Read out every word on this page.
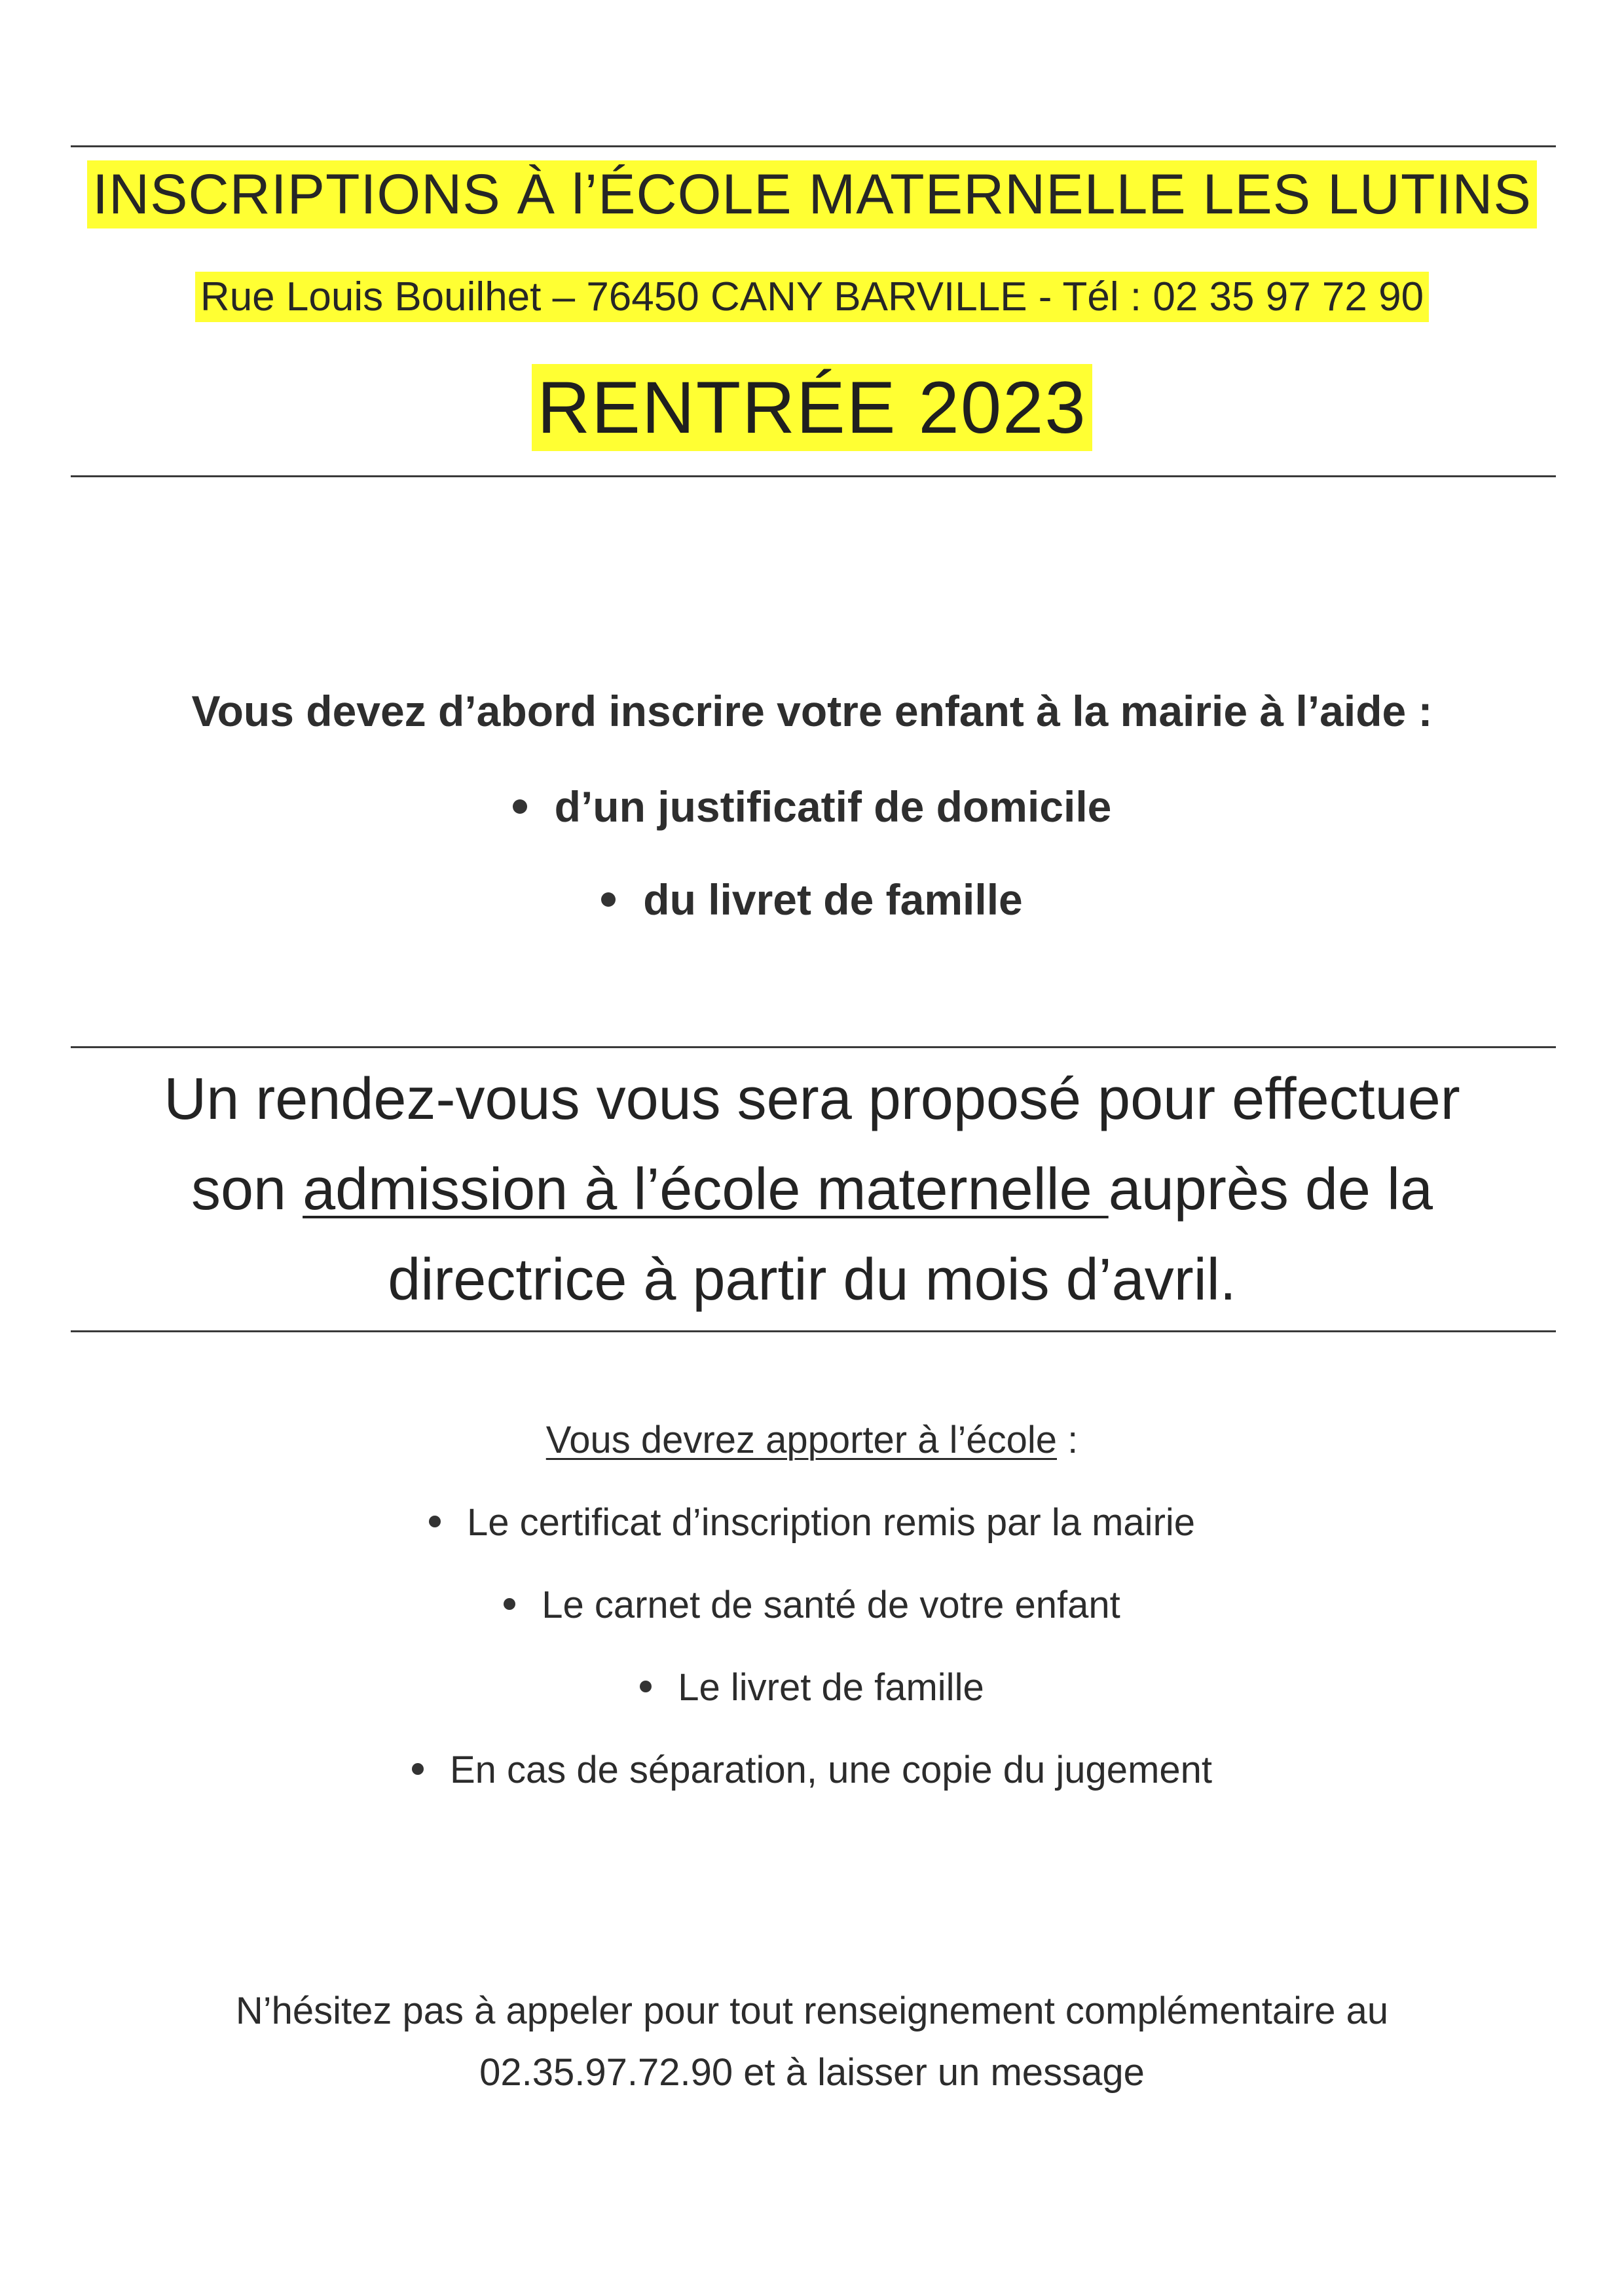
INSCRIPTIONS À l’ÉCOLE MATERNELLE LES LUTINS
Rue Louis Bouilhet – 76450 CANY BARVILLE - Tél : 02 35 97 72 90
RENTRÉE 2023
Vous devez d’abord inscrire votre enfant à la mairie à l’aide :
d’un justificatif de domicile
du livret de famille
Un rendez-vous vous sera proposé pour effectuer
son admission à l’école maternelle auprès de la
directrice à partir du mois d’avril.
Vous devrez apporter à l’école :
Le certificat d’inscription remis par la mairie
Le carnet de santé de votre enfant
Le livret de famille
En cas de séparation, une copie du jugement
N’hésitez pas à appeler pour tout renseignement complémentaire au
02.35.97.72.90 et à laisser un message
